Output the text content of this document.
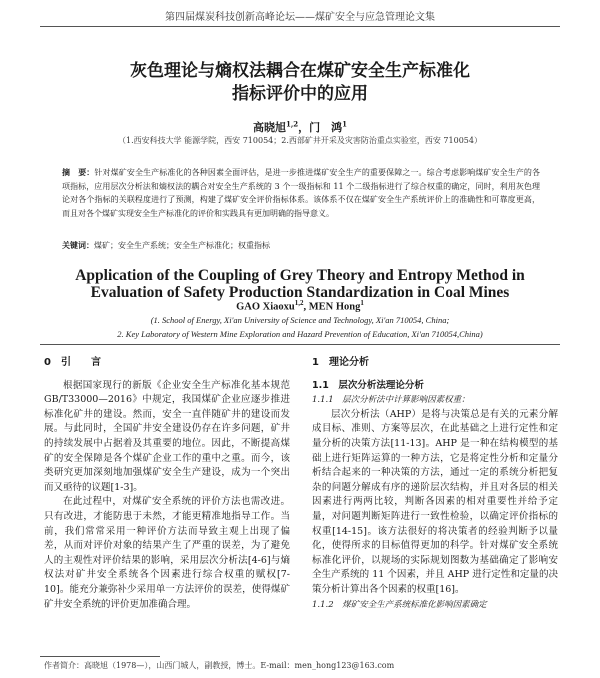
第四届煤炭科技创新高峰论坛——煤矿安全与应急管理论文集
灰色理论与熵权法耦合在煤矿安全生产标准化
指标评价中的应用
高晓旭$^{1,2}$，门　鸿$^1$
（1.西安科技大学 能源学院，西安 710054；2.西部矿井开采及灾害防治重点实验室，西安 710054）
摘　要：针对煤矿安全生产标准化的各种因素全面评估，是进一步推进煤矿安全生产的重要保障之一。综合考虑影响煤矿安全生产的各项指标，应用层次分析法和熵权法的耦合对安全生产系统的 3 个一级指标和 11 个二级指标进行了综合权重的确定，同时，利用灰色理论对各个指标的关联程度进行了预测，构建了煤矿安全评价指标体系。该体系不仅在煤矿安全生产系统评价上的准确性和可靠度更高，而且对各个煤矿实现安全生产标准化的评价和实践具有更加明确的指导意义。
关键词：煤矿；安全生产系统；安全生产标准化；权重指标
Application of the Coupling of Grey Theory and Entropy Method in
Evaluation of Safety Production Standardization in Coal Mines
GAO Xiaoxu$^{1,2}$, MEN Hong$^1$
(1. School of Energy, Xi'an University of Science and Technology, Xi'an 710054, China;
2. Key Laboratory of Western Mine Exploration and Hazard Prevention of Education, Xi'an 710054,China)
0　引　　言

根据国家现行的新版《企业安全生产标准化基本规范 GB/T33000—2016》中规定，我国煤矿企业应逐步推进标准化矿井的建设。然而，安全一直伴随矿井的建设而发展。与此同时，全国矿井安全建设仍存在许多问题，矿井的持续发展中占据着及其重要的地位。因此，不断提高煤矿的安全保障是各个煤矿企业工作的重中之重。而今，该类研究更加深刻地加强煤矿安全生产建设，成为一个突出而又亟待的议题[1-3]。

在此过程中，对煤矿安全系统的评价方法也需改进。只有改进，才能防患于未然，才能更精准地指导工作。当前，我们常常采用一种评价方法而导致主观上出现了偏差，从而对评价对象的结果产生了严重的误差，为了避免人的主观性对评价结果的影响，采用层次分析法[4-6]与熵权法对矿井安全系统各个因素进行综合权重的赋权[7-10]。能充分兼弥补少采用单一方法评价的误差，使得煤矿矿井安全系统的评价更加准确合理。

1　理论分析
1.1　层次分析法理论分析
1.1.1　层次分析法中计算影响因素权重：

层次分析法（AHP）是将与决策总是有关的元素分解成目标、准则、方案等层次，在此基础之上进行定性和定量分析的决策方法[11-13]。AHP 是一种在结构模型的基础上进行矩阵运算的一种方法，它是将定性分析和定量分析结合起来的一种决策的方法，通过一定的系统分析把复杂的问题分解成有序的递阶层次结构，并且对各层的相关因素进行两两比较，判断各因素的相对重要性并给予定量，对问题判断矩阵进行一致性检验，以确定评价指标的权重[14-15]。该方法很好的将决策者的经验判断予以量化，使得所求的目标值得更加的科学。针对煤矿安全系统标准化评价，以规场的实际规划图数为基础确定了影响安全生产系统的 11 个因素，并且 AHP 进行定性和定量的决策分析计算出各个因素的权重[16]。

1.1.2　煤矿安全生产系统标准化影响因素确定
作者简介：高晓旭（1978—），山西门城人，副教授，博士。E-mail：men_hong123@163.com
